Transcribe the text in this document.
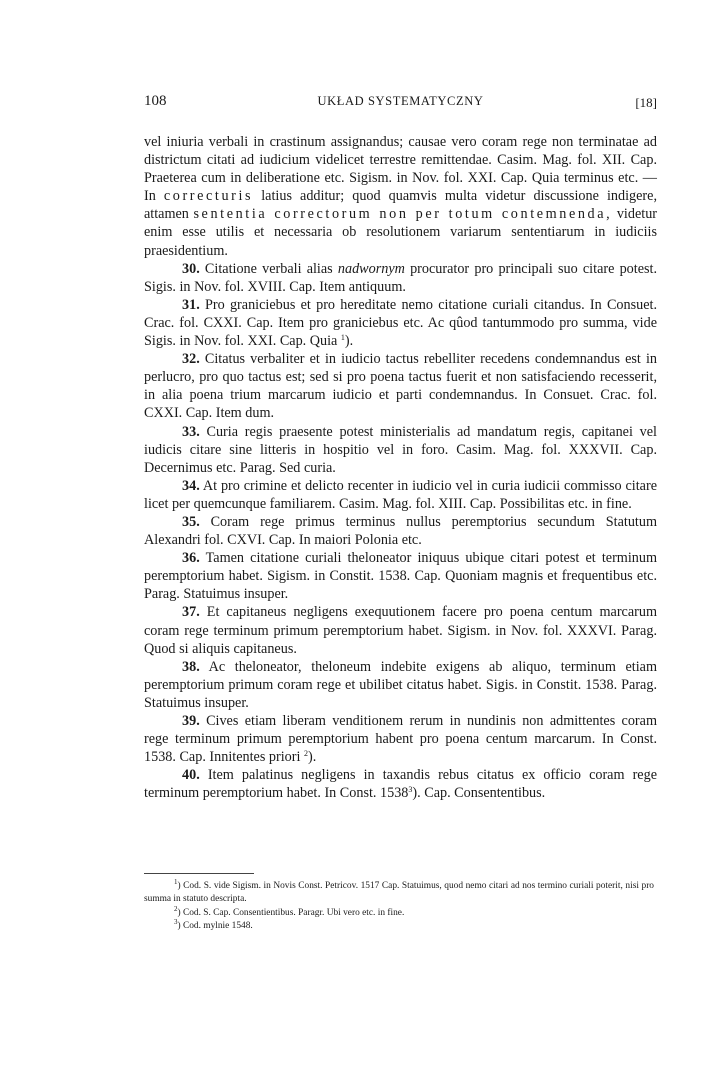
108	UKŁAD SYSTEMATYCZNY	[18]

vel iniuria verbali in crastinum assignandus; causae vero coram rege non terminatae ad districtum citati ad iudicium videlicet terrestre remittendae. Casim. Mag. fol. XII. Cap. Praeterea cum in deliberatione etc. Sigism. in Nov. fol. XXI. Cap. Quia terminus etc. — In correcturis latius additur; quod quamvis multa videtur discussione indigere, attamen sententia correctorum non per totum contemnenda, videtur enim esse utilis et necessaria ob resolutionem variarum sententiarum in iudiciis praesidentium.

30. Citatione verbali alias nadwornym procurator pro principali suo citare potest. Sigis. in Nov. fol. XVIII. Cap. Item antiquum.

31. Pro graniciebus et pro hereditate nemo citatione curiali citandus. In Consuet. Crac. fol. CXXI. Cap. Item pro graniciebus etc. Ac qûod tantummodo pro summa, vide Sigis. in Nov. fol. XXI. Cap. Quia $^1$).

32. Citatus verbaliter et in iudicio tactus rebelliter recedens condemnandus est in perlucro, pro quo tactus est; sed si pro poena tactus fuerit et non satisfaciendo recesserit, in alia poena trium marcarum iudicio et parti condemnandus. In Consuet. Crac. fol. CXXI. Cap. Item dum.

33. Curia regis praesente potest ministerialis ad mandatum regis, capitanei vel iudicis citare sine litteris in hospitio vel in foro. Casim. Mag. fol. XXXVII. Cap. Decernimus etc. Parag. Sed curia.

34. At pro crimine et delicto recenter in iudicio vel in curia iudicii commisso citare licet per quemcunque familiarem. Casim. Mag. fol. XIII. Cap. Possibilitas etc. in fine.

35. Coram rege primus terminus nullus peremptorius secundum Statutum Alexandri fol. CXVI. Cap. In maiori Polonia etc.

36. Tamen citatione curiali theloneator iniquus ubique citari potest et terminum peremptorium habet. Sigism. in Constit. 1538. Cap. Quoniam magnis et frequentibus etc. Parag. Statuimus insuper.

37. Et capitaneus negligens exequutionem facere pro poena centum marcarum coram rege terminum primum peremptorium habet. Sigism. in Nov. fol. XXXVI. Parag. Quod si aliquis capitaneus.

38. Ac theloneator, theloneum indebite exigens ab aliquo, terminum etiam peremptorium primum coram rege et ubilibet citatus habet. Sigis. in Constit. 1538. Parag. Statuimus insuper.

39. Cives etiam liberam venditionem rerum in nundinis non admittentes coram rege terminum primum peremptorium habent pro poena centum marcarum. In Const. 1538. Cap. Innitentes priori $^2$).

40. Item palatinus negligens in taxandis rebus citatus ex officio coram rege terminum peremptorium habet. In Const. 1538$^3$). Cap. Consententibus.

$^1$) Cod. S. vide Sigism. in Novis Const. Petricov. 1517 Cap. Statuimus, quod nemo citari ad nos termino curiali poterit, nisi pro summa in statuto descripta.

$^2$) Cod. S. Cap. Consentientibus. Paragr. Ubi vero etc. in fine.

$^3$) Cod. mylnie 1548.
